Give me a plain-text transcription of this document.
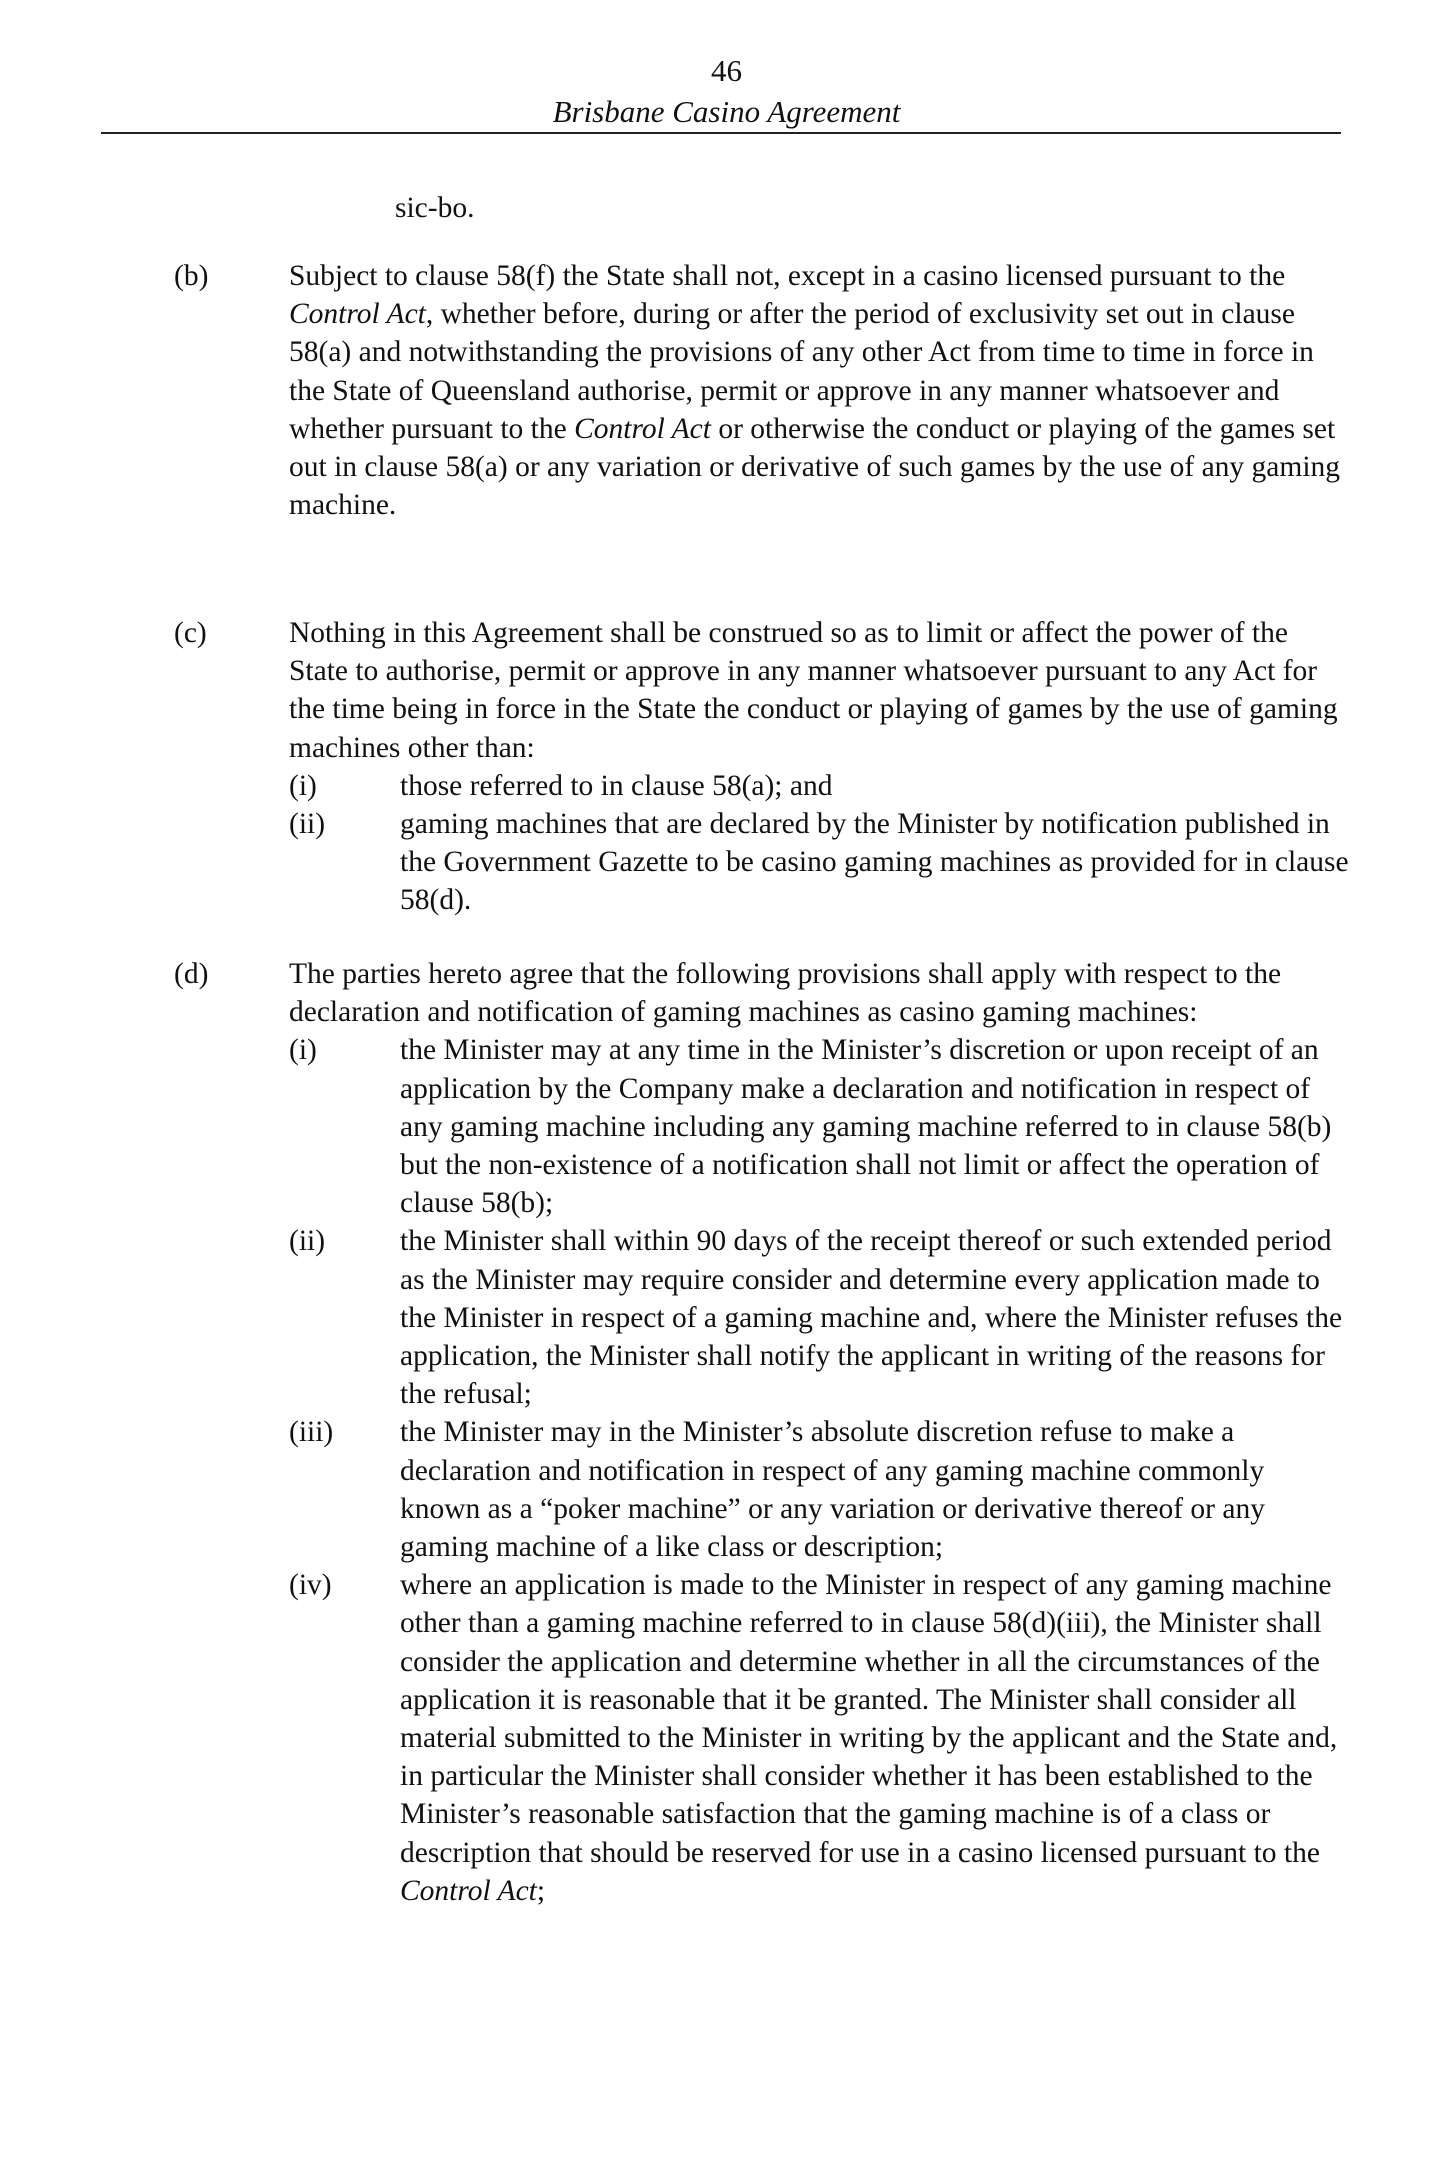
46
Brisbane Casino Agreement
sic-bo.
(b)	Subject to clause 58(f) the State shall not, except in a casino licensed pursuant to the Control Act, whether before, during or after the period of exclusivity set out in clause 58(a) and notwithstanding the provisions of any other Act from time to time in force in the State of Queensland authorise, permit or approve in any manner whatsoever and whether pursuant to the Control Act or otherwise the conduct or playing of the games set out in clause 58(a) or any variation or derivative of such games by the use of any gaming machine.
(c)	Nothing in this Agreement shall be construed so as to limit or affect the power of the State to authorise, permit or approve in any manner whatsoever pursuant to any Act for the time being in force in the State the conduct or playing of games by the use of gaming machines other than:
(i)	those referred to in clause 58(a); and
(ii)	gaming machines that are declared by the Minister by notification published in the Government Gazette to be casino gaming machines as provided for in clause 58(d).
(d)	The parties hereto agree that the following provisions shall apply with respect to the declaration and notification of gaming machines as casino gaming machines:
(i)	the Minister may at any time in the Minister’s discretion or upon receipt of an application by the Company make a declaration and notification in respect of any gaming machine including any gaming machine referred to in clause 58(b) but the non-existence of a notification shall not limit or affect the operation of clause 58(b);
(ii)	the Minister shall within 90 days of the receipt thereof or such extended period as the Minister may require consider and determine every application made to the Minister in respect of a gaming machine and, where the Minister refuses the application, the Minister shall notify the applicant in writing of the reasons for the refusal;
(iii) the Minister may in the Minister’s absolute discretion refuse to make a declaration and notification in respect of any gaming machine commonly known as a “poker machine” or any variation or derivative thereof or any gaming machine of a like class or description;
(iv) where an application is made to the Minister in respect of any gaming machine other than a gaming machine referred to in clause 58(d)(iii), the Minister shall consider the application and determine whether in all the circumstances of the application it is reasonable that it be granted. The Minister shall consider all material submitted to the Minister in writing by the applicant and the State and, in particular the Minister shall consider whether it has been established to the Minister’s reasonable satisfaction that the gaming machine is of a class or description that should be reserved for use in a casino licensed pursuant to the Control Act;
